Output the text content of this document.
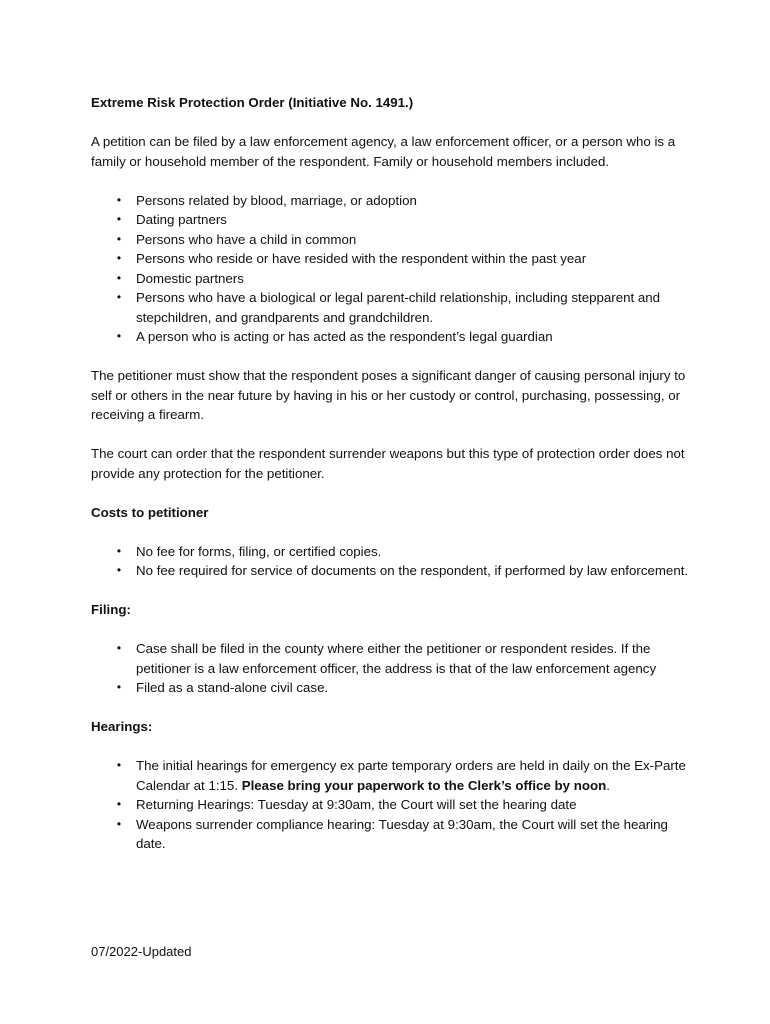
Extreme Risk Protection Order (Initiative No. 1491.)

A petition can be filed by a law enforcement agency, a law enforcement officer, or a person who is a family or household member of the respondent. Family or household members included.

• Persons related by blood, marriage, or adoption
• Dating partners
• Persons who have a child in common
• Persons who reside or have resided with the respondent within the past year
• Domestic partners
• Persons who have a biological or legal parent-child relationship, including stepparent and stepchildren, and grandparents and grandchildren.
• A person who is acting or has acted as the respondent’s legal guardian

The petitioner must show that the respondent poses a significant danger of causing personal injury to self or others in the near future by having in his or her custody or control, purchasing, possessing, or receiving a firearm.

The court can order that the respondent surrender weapons but this type of protection order does not provide any protection for the petitioner.

Costs to petitioner

• No fee for forms, filing, or certified copies.
• No fee required for service of documents on the respondent, if performed by law enforcement.

Filing:

• Case shall be filed in the county where either the petitioner or respondent resides. If the petitioner is a law enforcement officer, the address is that of the law enforcement agency
• Filed as a stand-alone civil case.

Hearings:

• The initial hearings for emergency ex parte temporary orders are held in daily on the Ex-Parte Calendar at 1:15. Please bring your paperwork to the Clerk’s office by noon.
• Returning Hearings: Tuesday at 9:30am, the Court will set the hearing date
• Weapons surrender compliance hearing: Tuesday at 9:30am, the Court will set the hearing date.
07/2022-Updated
